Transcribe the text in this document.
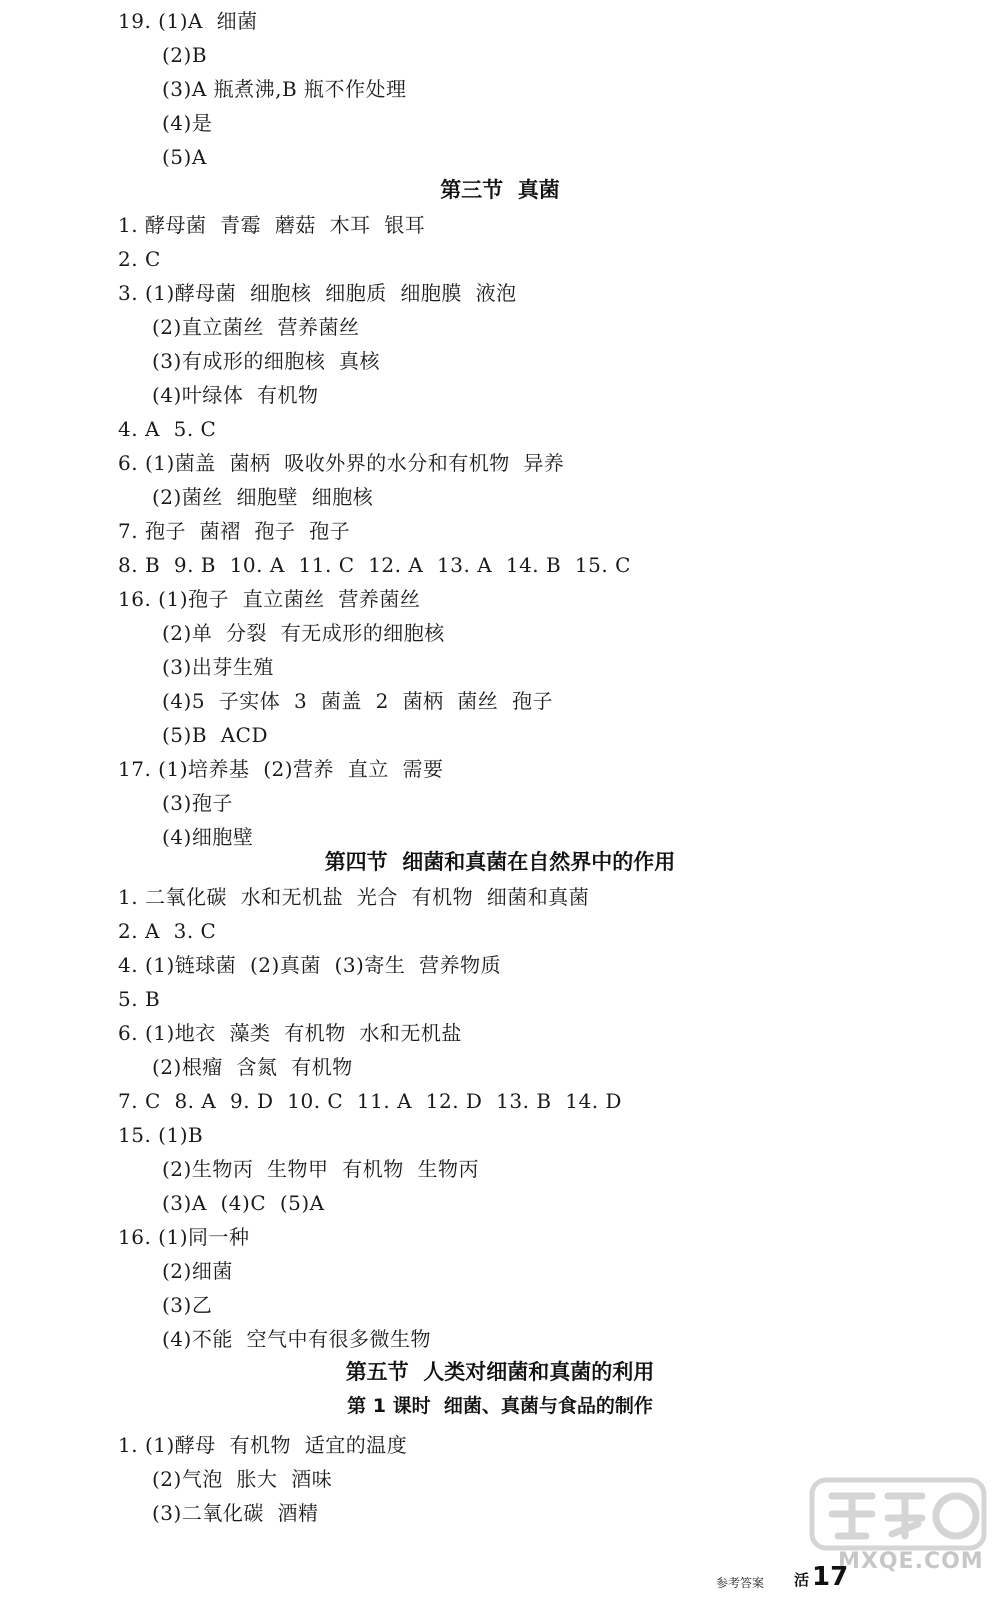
19. (1)A  细菌
(2)B
(3)A 瓶煮沸,B 瓶不作处理
(4)是
(5)A
第三节  真菌
1. 酵母菌  青霉  蘑菇  木耳  银耳
2. C
3. (1)酵母菌  细胞核  细胞质  细胞膜  液泡
(2)直立菌丝  营养菌丝
(3)有成形的细胞核  真核
(4)叶绿体  有机物
4. A  5. C
6. (1)菌盖  菌柄  吸收外界的水分和有机物  异养
(2)菌丝  细胞壁  细胞核
7. 孢子  菌褶  孢子  孢子
8. B  9. B  10. A  11. C  12. A  13. A  14. B  15. C
16. (1)孢子  直立菌丝  营养菌丝
(2)单  分裂  有无成形的细胞核
(3)出芽生殖
(4)5  子实体  3  菌盖  2  菌柄  菌丝  孢子
(5)B  ACD
17. (1)培养基  (2)营养  直立  需要
(3)孢子
(4)细胞壁
第四节  细菌和真菌在自然界中的作用
1. 二氧化碳  水和无机盐  光合  有机物  细菌和真菌
2. A  3. C
4. (1)链球菌  (2)真菌  (3)寄生  营养物质
5. B
6. (1)地衣  藻类  有机物  水和无机盐
(2)根瘤  含氮  有机物
7. C  8. A  9. D  10. C  11. A  12. D  13. B  14. D
15. (1)B
(2)生物丙  生物甲  有机物  生物丙
(3)A  (4)C  (5)A
16. (1)同一种
(2)细菌
(3)乙
(4)不能  空气中有很多微生物
第五节  人类对细菌和真菌的利用
第 1 课时  细菌、真菌与食品的制作
1. (1)酵母  有机物  适宜的温度
(2)气泡  胀大  酒味
(3)二氧化碳  酒精
MXQE.COM
参考答案 活 17
